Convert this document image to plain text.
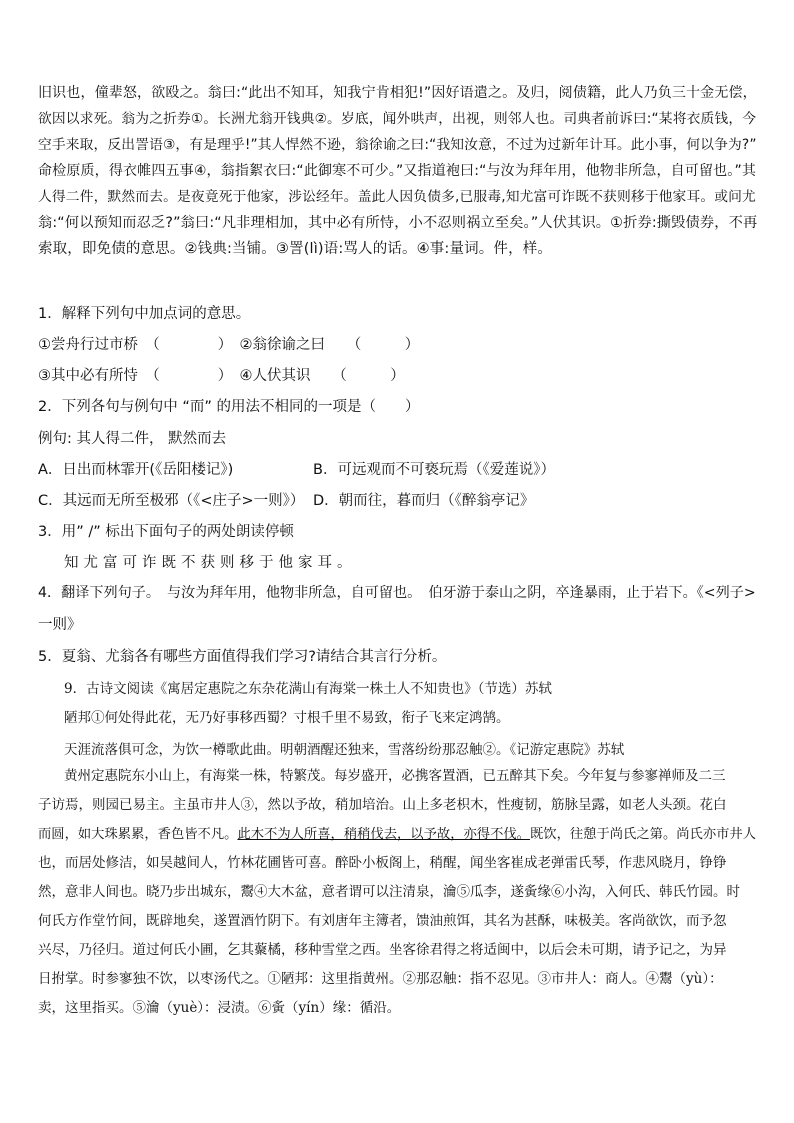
旧识也，僮辈怒，欲殴之。翁曰:“此出不知耳，知我宁肯相犯!”因好语遣之。及归，阅债籍，此人乃负三十金无偿，
欲因以求死。翁为之折券①。长洲尤翁开钱典②。岁底，闻外哄声，出视，则邻人也。司典者前诉曰:“某将衣质钱，今
空手来取，反出詈语③，有是理乎!”其人悍然不逊，翁徐谕之曰:“我知汝意，不过为过新年计耳。此小事，何以争为?”
命检原质，得衣帷四五事④，翁指絮衣曰:“此御寒不可少。”又指道袍曰:“与汝为拜年用，他物非所急，自可留也。”其
人得二件，默然而去。是夜竟死于他家，涉讼经年。盖此人因负债多,已服毒,知尤富可诈既不获则移于他家耳。或问尤
翁:“何以预知而忍乏?”翁曰:“凡非理相加，其中必有所恃，小不忍则祸立至矣。”人伏其识。①折券:撕毁债券，不再
索取，即免债的意思。②钱典:当铺。③詈(lì)语:骂人的话。④事:量词。件，样。
1．解释下列句中加点词的意思。
①尝舟行过市桥　（　　　　）　②翁徐谕之曰　　（　　　）
③其中必有所恃　（　　　　）　④人伏其识　　（　　　）
2．下列各句与例句中 “而” 的用法不相同的一项是（　　）
例句: 其人得二件， 默然而去
A．日出而林霏开(《岳阳楼记》)	B．可远观而不可亵玩焉（《爱莲说》）
C．其远而无所至极邪（《<庄子>一则》） D．朝而往，暮而归（《醉翁亭记》
3．用” /” 标出下面句子的两处朗读停顿
知尤富可诈既不获则移于他家耳。
4．翻译下列句子。　与汝为拜年用，他物非所急，自可留也。　伯牙游于泰山之阴，卒逢暴雨，止于岩下。《<列子>
一则》
5．夏翁、尤翁各有哪些方面值得我们学习?请结合其言行分析。
9．古诗文阅读《寓居定惠院之东杂花满山有海棠一株土人不知贵也》（节选）苏轼
陋邦①何处得此花，无乃好事移西蜀？寸根千里不易致，衔子飞来定鸿鹄。
天涯流落俱可念，为饮一樽歌此曲。明朝酒醒还独来，雪落纷纷那忍触②。《记游定惠院》苏轼
黄州定惠院东小山上，有海棠一株，特繁茂。每岁盛开，必携客置酒，已五醉其下矣。今年复与参寥禅师及二三
子访焉，则园已易主。主虽市井人③，然以予故，稍加培治。山上多老枳木，性瘦韧，筋脉呈露，如老人头颈。花白
而圆，如大珠累累，香色皆不凡。此木不为人所喜，稍稍伐去，以予故，亦得不伐。既饮，往憩于尚氏之第。尚氏亦市井人
也，而居处修洁，如吴越间人，竹林花圃皆可喜。醉卧小板阁上，稍醒，闻坐客崔成老弹雷氏琴，作悲风晓月，铮铮
然，意非人间也。晓乃步出城东，鬻④大木盆，意者谓可以注清泉，瀹⑤瓜李，遂夤缘⑥小沟，入何氏、韩氏竹园。时
何氏方作堂竹间，既辟地矣，遂置酒竹阴下。有刘唐年主簿者，馈油煎饵，其名为甚酥，味极美。客尚欲饮，而予忽
兴尽，乃径归。道过何氏小圃，乞其藂橘，移种雪堂之西。坐客徐君得之将适闽中，以后会未可期，请予记之，为异
日拊掌。时参寥独不饮，以枣汤代之。①陋邦：这里指黄州。②那忍触：指不忍见。③市井人：商人。④鬻（yù）：
卖，这里指买。⑤瀹（yuè）：浸渍。⑥夤（yín）缘：循沿。
